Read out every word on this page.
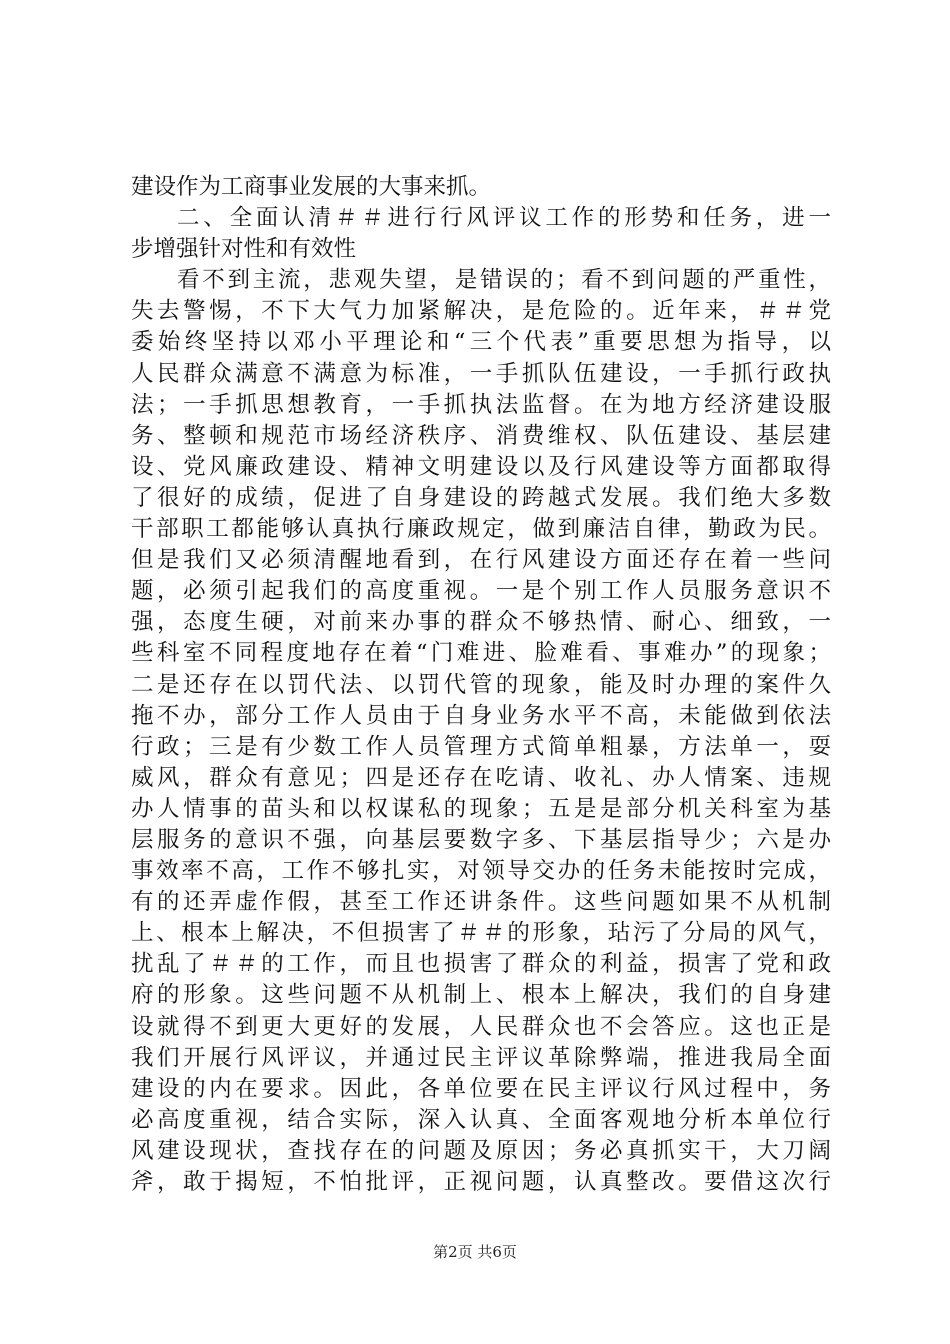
建设作为工商事业发展的大事来抓。
二、全面认清＃＃进行行风评议工作的形势和任务，进一
步增强针对性和有效性
看不到主流，悲观失望，是错误的；看不到问题的严重性，
失去警惕，不下大气力加紧解决，是危险的。近年来，＃＃党
委始终坚持以邓小平理论和“三个代表”重要思想为指导，以
人民群众满意不满意为标准，一手抓队伍建设，一手抓行政执
法；一手抓思想教育，一手抓执法监督。在为地方经济建设服
务、整顿和规范市场经济秩序、消费维权、队伍建设、基层建
设、党风廉政建设、精神文明建设以及行风建设等方面都取得
了很好的成绩，促进了自身建设的跨越式发展。我们绝大多数
干部职工都能够认真执行廉政规定，做到廉洁自律，勤政为民。
但是我们又必须清醒地看到，在行风建设方面还存在着一些问
题，必须引起我们的高度重视。一是个别工作人员服务意识不
强，态度生硬，对前来办事的群众不够热情、耐心、细致，一
些科室不同程度地存在着“门难进、脸难看、事难办”的现象；
二是还存在以罚代法、以罚代管的现象，能及时办理的案件久
拖不办，部分工作人员由于自身业务水平不高，未能做到依法
行政；三是有少数工作人员管理方式简单粗暴，方法单一，耍
威风，群众有意见；四是还存在吃请、收礼、办人情案、违规
办人情事的苗头和以权谋私的现象；五是是部分机关科室为基
层服务的意识不强，向基层要数字多、下基层指导少；六是办
事效率不高，工作不够扎实，对领导交办的任务未能按时完成，
有的还弄虚作假，甚至工作还讲条件。这些问题如果不从机制
上、根本上解决，不但损害了＃＃的形象，玷污了分局的风气，
扰乱了＃＃的工作，而且也损害了群众的利益，损害了党和政
府的形象。这些问题不从机制上、根本上解决，我们的自身建
设就得不到更大更好的发展，人民群众也不会答应。这也正是
我们开展行风评议，并通过民主评议革除弊端，推进我局全面
建设的内在要求。因此，各单位要在民主评议行风过程中，务
必高度重视，结合实际，深入认真、全面客观地分析本单位行
风建设现状，查找存在的问题及原因；务必真抓实干，大刀阔
斧，敢于揭短，不怕批评，正视问题，认真整改。要借这次行
第2页 共6页
